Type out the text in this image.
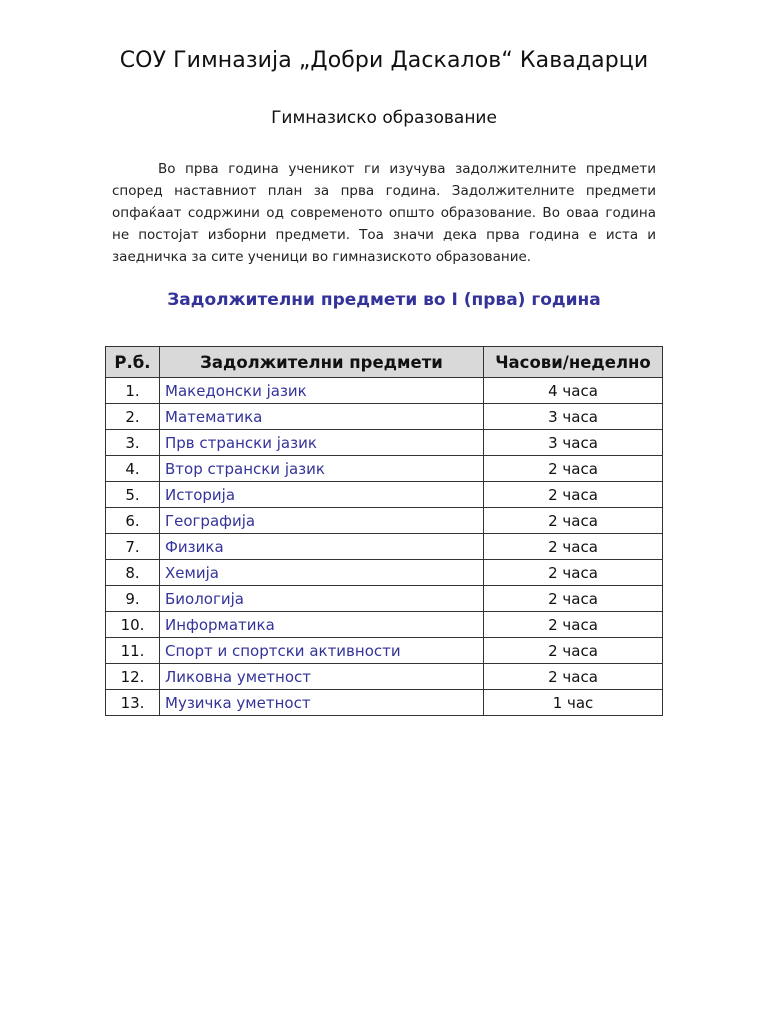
СОУ Гимназија „Добри Даскалов“ Кавадарци
Гимназиско образование

Во прва година ученикот ги изучува задолжителните предмети според наставниот план за прва година. Задолжителните предмети опфаќаат содржини од современото општо образование. Во оваа година не постојат изборни предмети. Тоа значи дека прва година е иста и заедничка за сите ученици во гимназиското образование.

Задолжителни предмети во I (прва) година
Р.б.	Задолжителни предмети	Часови/неделно
1.	Македонски јазик	4 часа
2.	Математика	3 часа
3.	Прв странски јазик	3 часа
4.	Втор странски јазик	2 часа
5.	Историја	2 часа
6.	Географија	2 часа
7.	Физика	2 часа
8.	Хемија	2 часа
9.	Биологија	2 часа
10.	Информатика	2 часа
11.	Спорт и спортски активности	2 часа
12.	Ликовна уметност	2 часа
13.	Музичка уметност	1 час
